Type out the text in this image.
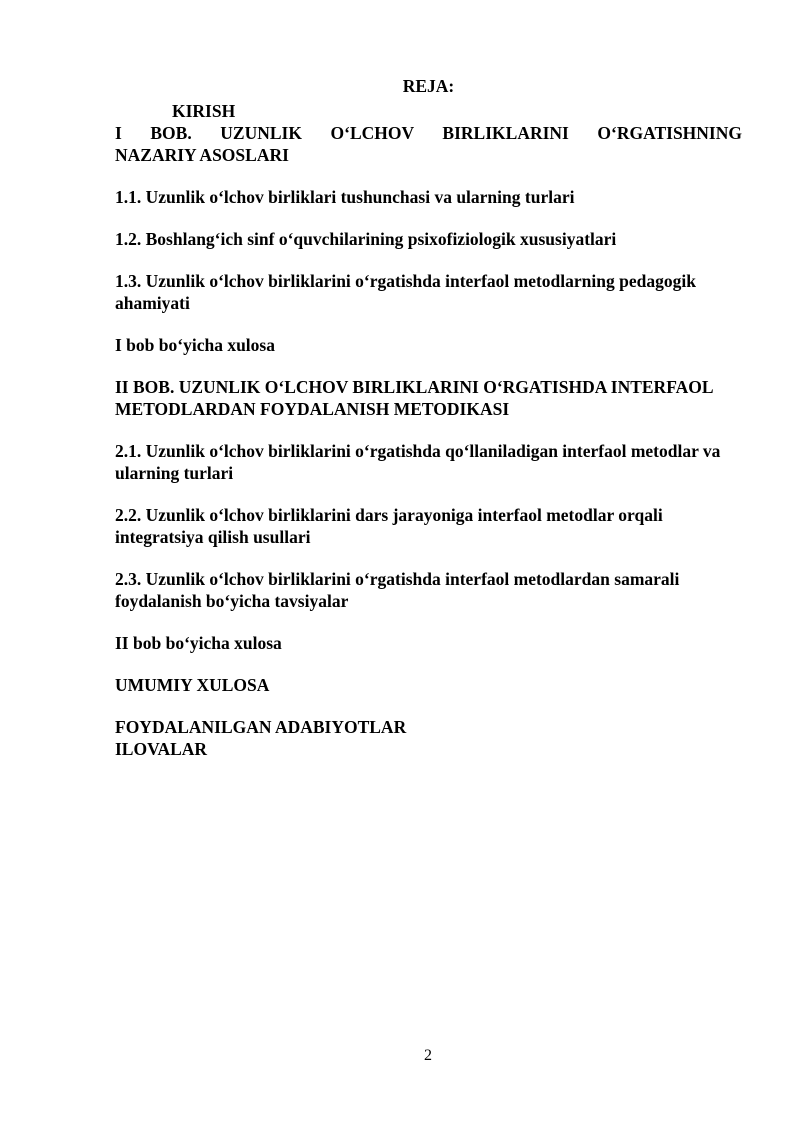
REJA:
KIRISH
I BOB. UZUNLIK O‘LCHOV BIRLIKLARINI O‘RGATISHNING
NAZARIY ASOSLARI
1.1. Uzunlik o‘lchov birliklari tushunchasi va ularning turlari
1.2. Boshlang‘ich sinf o‘quvchilarining psixofiziologik xususiyatlari
1.3. Uzunlik o‘lchov birliklarini o‘rgatishda interfaol metodlarning pedagogik ahamiyati
I bob bo‘yicha xulosa
II BOB. UZUNLIK O‘LCHOV BIRLIKLARINI O‘RGATISHDA INTERFAOL METODLARDAN FOYDALANISH METODIKASI
2.1. Uzunlik o‘lchov birliklarini o‘rgatishda qo‘llaniladigan interfaol metodlar va ularning turlari
2.2. Uzunlik o‘lchov birliklarini dars jarayoniga interfaol metodlar orqali integratsiya qilish usullari
2.3. Uzunlik o‘lchov birliklarini o‘rgatishda interfaol metodlardan samarali foydalanish bo‘yicha tavsiyalar
II bob bo‘yicha xulosa
UMUMIY XULOSA
FOYDALANILGAN ADABIYOTLAR
ILOVALAR
2
